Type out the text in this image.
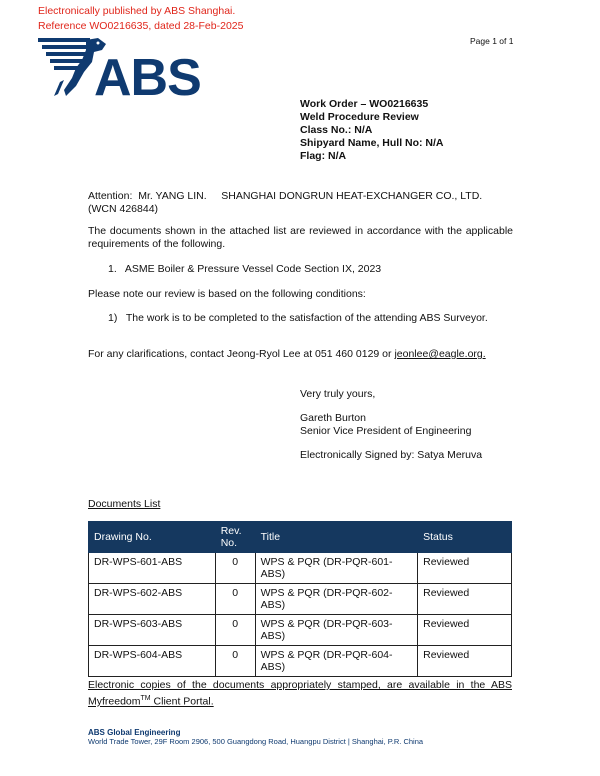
Electronically published by ABS Shanghai.
Reference WO0216635, dated 28-Feb-2025
Page 1 of 1
ABS	Work Order – WO0216635
Weld Procedure Review
Class No.: N/A
Shipyard Name, Hull No: N/A
Flag: N/A

Attention:  Mr. YANG LIN.     SHANGHAI DONGRUN HEAT-EXCHANGER CO., LTD.

(WCN 426844)

The documents shown in the attached list are reviewed in accordance with the applicable requirements of the following.

1.   ASME Boiler & Pressure Vessel Code Section IX, 2023

Please note our review is based on the following conditions:

1)   The work is to be completed to the satisfaction of the attending ABS Surveyor.

For any clarifications, contact Jeong-Ryol Lee at 051 460 0129 or jeonlee@eagle.org.

Very truly yours,

Gareth Burton

Senior Vice President of Engineering

Electronically Signed by: Satya Meruva

Documents List

Drawing No.	Rev. No.	Title	Status
DR-WPS-601-ABS	0	WPS & PQR (DR-PQR-601-ABS)	Reviewed
DR-WPS-602-ABS	0	WPS & PQR (DR-PQR-602-ABS)	Reviewed
DR-WPS-603-ABS	0	WPS & PQR (DR-PQR-603-ABS)	Reviewed
DR-WPS-604-ABS	0	WPS & PQR (DR-PQR-604-ABS)	Reviewed

Electronic copies of the documents appropriately stamped, are available in the ABS Myfreedom™ Client Portal.

ABS Global Engineering
World Trade Tower, 29F Room 2906, 500 Guangdong Road, Huangpu District | Shanghai, P.R. China
